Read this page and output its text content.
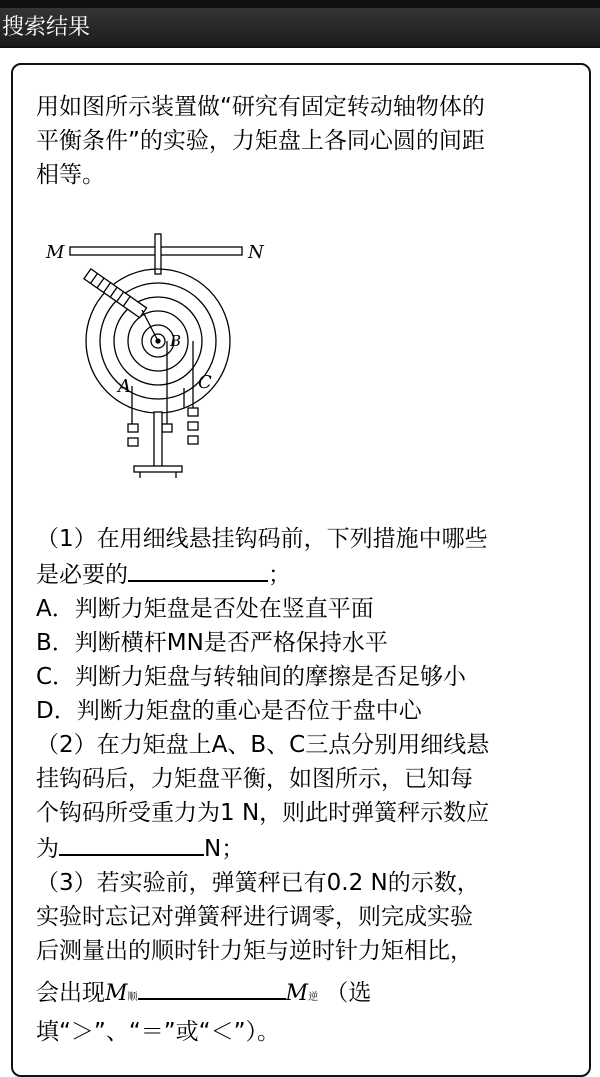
搜索结果
用如图所示装置做“研究有固定转动轴物体的
平衡条件”的实验，力矩盘上各同心圆的间距
相等。
M	N
A
B
C
（1）在用细线悬挂钩码前，下列措施中哪些
是必要的	；
A．判断力矩盘是否处在竖直平面
B．判断横杆MN是否严格保持水平
C．判断力矩盘与转轴间的摩擦是否足够小
D．判断力矩盘的重心是否位于盘中心
（2）在力矩盘上A、B、C三点分别用细线悬
挂钩码后，力矩盘平衡，如图所示，已知每
个钩码所受重力为1 N，则此时弹簧秤示数应
为	N；
（3）若实验前，弹簧秤已有0.2 N的示数，
实验时忘记对弹簧秤进行调零，则完成实验
后测量出的顺时针力矩与逆时针力矩相比，
会出现M顺	M逆 （选
填“＞”、“＝”或“＜”）。
